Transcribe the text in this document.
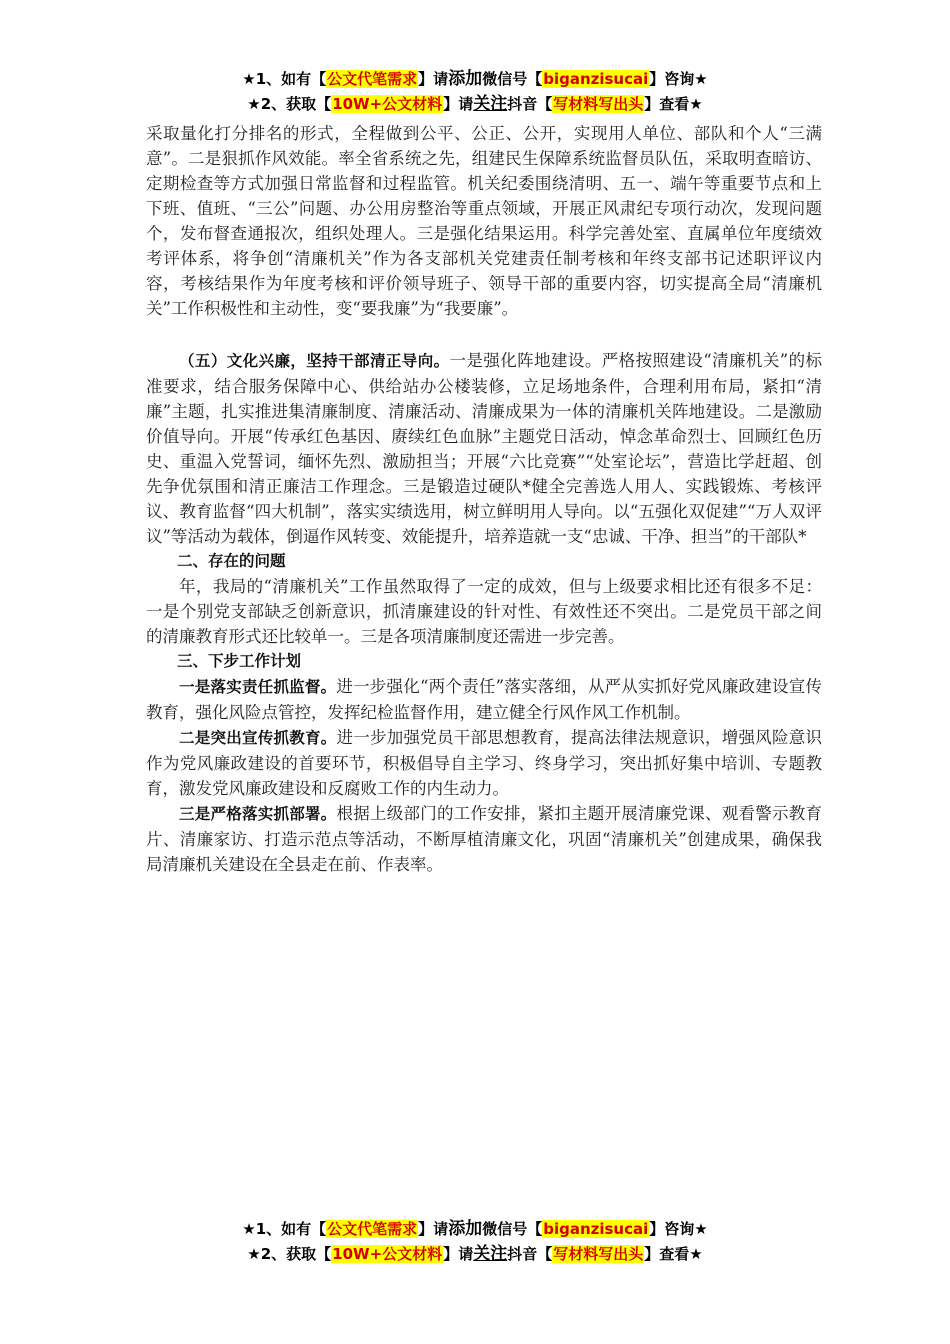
★1、如有【公文代笔需求】请添加微信号【biganzisucai】咨询★
★2、获取【10W+公文材料】请关注抖音【写材料写出头】查看★

采取量化打分排名的形式，全程做到公平、公正、公开，实现用人单位、部队和个人“三满意”。二是狠抓作风效能。率全省系统之先，组建民生保障系统监督员队伍，采取明查暗访、定期检查等方式加强日常监督和过程监管。机关纪委围绕清明、五一、端午等重要节点和上下班、值班、“三公”问题、办公用房整治等重点领域，开展正风肃纪专项行动次，发现问题个，发布督查通报次，组织处理人。三是强化结果运用。科学完善处室、直属单位年度绩效考评体系，将争创“清廉机关”作为各支部机关党建责任制考核和年终支部书记述职评议内容，考核结果作为年度考核和评价领导班子、领导干部的重要内容，切实提高全局“清廉机关”工作积极性和主动性，变“要我廉”为“我要廉”。

（五）文化兴廉，坚持干部清正导向。一是强化阵地建设。严格按照建设“清廉机关”的标准要求，结合服务保障中心、供给站办公楼装修，立足场地条件，合理利用布局，紧扣“清廉”主题，扎实推进集清廉制度、清廉活动、清廉成果为一体的清廉机关阵地建设。二是激励价值导向。开展“传承红色基因、赓续红色血脉”主题党日活动，悼念革命烈士、回顾红色历史、重温入党誓词，缅怀先烈、激励担当；开展“六比竞赛”“处室论坛”，营造比学赶超、创先争优氛围和清正廉洁工作理念。三是锻造过硬队*健全完善选人用人、实践锻炼、考核评议、教育监督“四大机制”，落实实绩选用，树立鲜明用人导向。以“五强化双促建”“万人双评议”等活动为载体，倒逼作风转变、效能提升，培养造就一支“忠诚、干净、担当”的干部队*

二、存在的问题

年，我局的“清廉机关”工作虽然取得了一定的成效，但与上级要求相比还有很多不足：一是个别党支部缺乏创新意识，抓清廉建设的针对性、有效性还不突出。二是党员干部之间的清廉教育形式还比较单一。三是各项清廉制度还需进一步完善。

三、下步工作计划

一是落实责任抓监督。进一步强化“两个责任”落实落细，从严从实抓好党风廉政建设宣传教育，强化风险点管控，发挥纪检监督作用，建立健全行风作风工作机制。

二是突出宣传抓教育。进一步加强党员干部思想教育，提高法律法规意识，增强风险意识作为党风廉政建设的首要环节，积极倡导自主学习、终身学习，突出抓好集中培训、专题教育，激发党风廉政建设和反腐败工作的内生动力。

三是严格落实抓部署。根据上级部门的工作安排，紧扣主题开展清廉党课、观看警示教育片、清廉家访、打造示范点等活动，不断厚植清廉文化，巩固“清廉机关”创建成果，确保我局清廉机关建设在全县走在前、作表率。

★1、如有【公文代笔需求】请添加微信号【biganzisucai】咨询★
★2、获取【10W+公文材料】请关注抖音【写材料写出头】查看★
